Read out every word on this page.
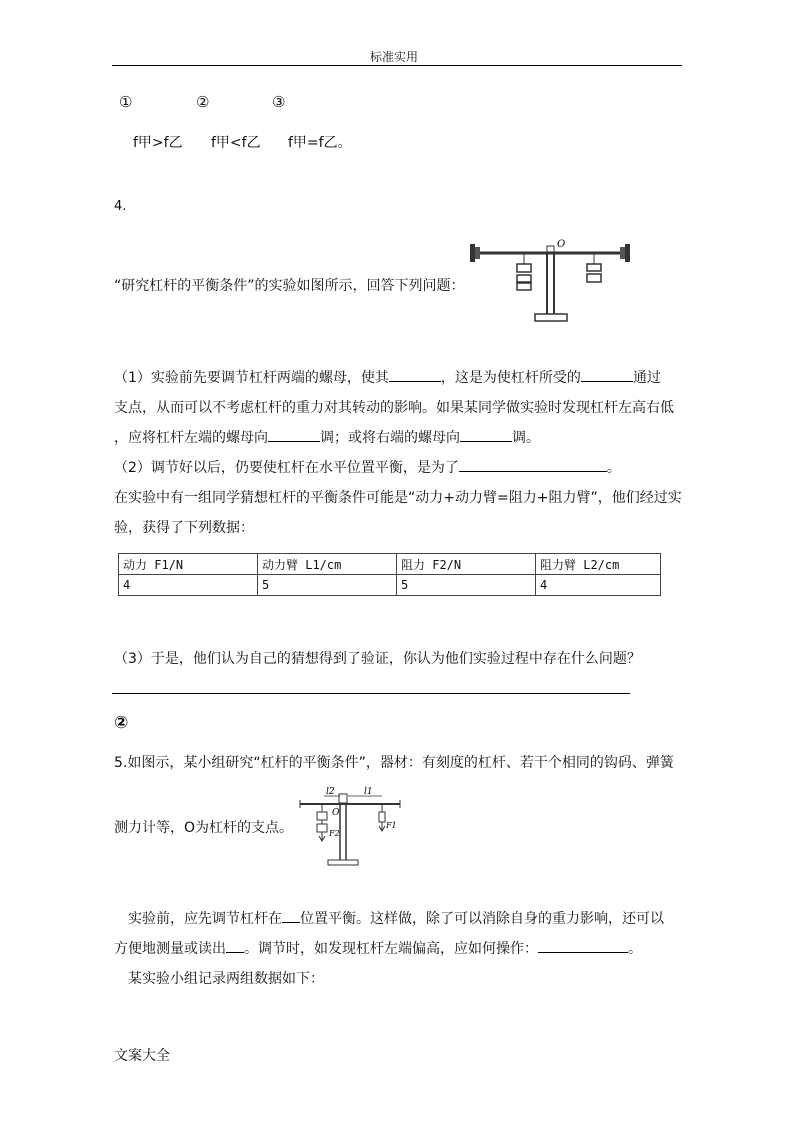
标准实用
①	②	③
f甲>f乙 f甲<f乙 f甲=f乙。
4.
O
“研究杠杆的平衡条件”的实验如图所示，回答下列问题：
（1）实验前先要调节杠杆两端的螺母，使其	，这是为使杠杆所受的	通过
支点，从而可以不考虑杠杆的重力对其转动的影响。如果某同学做实验时发现杠杆左高右低
，应将杠杆左端的螺母向	调；或将右端的螺母向	调。
（2）调节好以后，仍要使杠杆在水平位置平衡，是为了	。
在实验中有一组同学猜想杠杆的平衡条件可能是“动力+动力臂=阻力+阻力臂”，他们经过实
验，获得了下列数据：
动力 F1/N	动力臂 L1/cm	阻力 F2/N	阻力臂 L2/cm
4	5	5	4
（3）于是，他们认为自己的猜想得到了验证，你认为他们实验过程中存在什么问题？
②
5.如图示，某小组研究“杠杆的平衡条件”，器材：有刻度的杠杆、若干个相同的钩码、弹簧
l2	l1
O
F2
F1
测力计等，O为杠杆的支点。
实验前，应先调节杠杆在 位置平衡。这样做，除了可以消除自身的重力影响，还可以
方便地测量或读出 。调节时，如发现杠杆左端偏高，应如何操作：	。
某实验小组记录两组数据如下：
文案大全
